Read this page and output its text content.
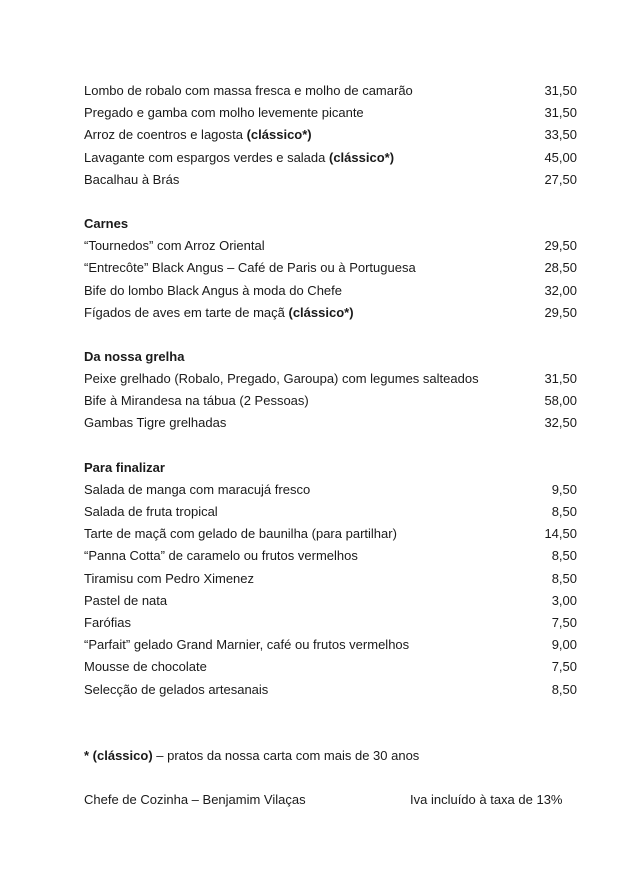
Lombo de robalo com massa fresca e molho de camarão	31,50
Pregado e gamba com molho levemente picante	31,50
Arroz de coentros e lagosta (clássico*)	33,50
Lavagante com espargos verdes e salada (clássico*)	45,00
Bacalhau à Brás	27,50
Carnes
“Tournedos” com Arroz Oriental	29,50
“Entrecôte” Black Angus – Café de Paris ou à Portuguesa	28,50
Bife do lombo Black Angus à moda do Chefe	32,00
Fígados de aves em tarte de maçã (clássico*)	29,50
Da nossa grelha
Peixe grelhado (Robalo, Pregado, Garoupa) com legumes salteados	31,50
Bife à Mirandesa na tábua (2 Pessoas)	58,00
Gambas Tigre grelhadas	32,50
Para finalizar
Salada de manga com maracujá fresco	9,50
Salada de fruta tropical	8,50
Tarte de maçã com gelado de baunilha (para partilhar)	14,50
“Panna Cotta” de caramelo ou frutos vermelhos	8,50
Tiramisu com Pedro Ximenez	8,50
Pastel de nata	3,00
Farófias	7,50
“Parfait” gelado Grand Marnier, café ou frutos vermelhos	9,00
Mousse de chocolate	7,50
Selecção de gelados artesanais	8,50
* (clássico) – pratos da nossa carta com mais de 30 anos
Chefe de Cozinha – Benjamim Vilaças	Iva incluído à taxa de 13%
